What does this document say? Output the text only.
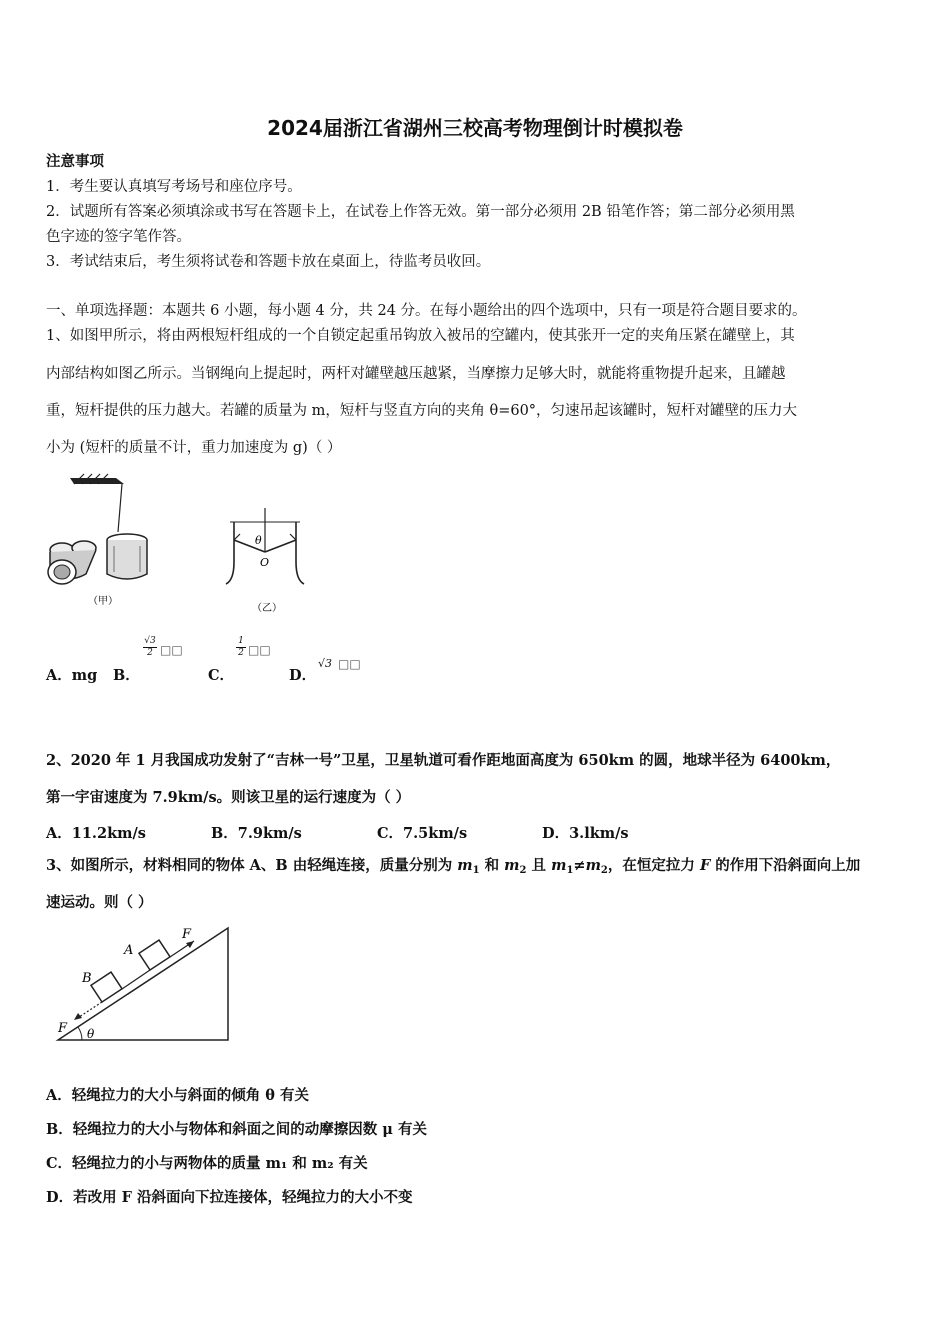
2024届浙江省湖州三校高考物理倒计时模拟卷
注意事项
1．考生要认真填写考场号和座位序号。
2．试题所有答案必须填涂或书写在答题卡上，在试卷上作答无效。第一部分必须用 2B 铅笔作答；第二部分必须用黑
色字迹的签字笔作答。
3．考试结束后，考生须将试卷和答题卡放在桌面上，待监考员收回。
一、单项选择题：本题共 6 小题，每小题 4 分，共 24 分。在每小题给出的四个选项中，只有一项是符合题目要求的。
1、如图甲所示，将由两根短杆组成的一个自锁定起重吊钩放入被吊的空罐内，使其张开一定的夹角压紧在罐壁上，其
内部结构如图乙所示。当钢绳向上提起时，两杆对罐壁越压越紧，当摩擦力足够大时，就能将重物提升起来，且罐越
重，短杆提供的压力越大。若罐的质量为 m，短杆与竖直方向的夹角 θ=60°，匀速吊起该罐时，短杆对罐壁的压力大
小为 (短杆的质量不计，重力加速度为 g)（ ）
（甲）
θ
O
（乙）
A．mg B．
$\frac{√3}{2}$ □□
C．
$\frac{1}{2}$ □□
D．
√3 □□
2、2020 年 1 月我国成功发射了“吉林一号”卫星，卫星轨道可看作距地面高度为 650km 的圆，地球半径为 6400km，
第一宇宙速度为 7.9km/s。则该卫星的运行速度为（ ）
A．11.2km/s	B．7.9km/s	C．7.5km/s	D．3.lkm/s
3、如图所示，材料相同的物体 A、B 由轻绳连接，质量分别为 $m_1$ 和 $m_2$ 且 $m_1\ne m_2$，在恒定拉力 F 的作用下沿斜面向上加
速运动。则（ ）
A
B
F
F θ
A．轻绳拉力的大小与斜面的倾角 θ 有关
B．轻绳拉力的大小与物体和斜面之间的动摩擦因数 μ 有关
C．轻绳拉力的小与两物体的质量 m₁ 和 m₂ 有关
D．若改用 F 沿斜面向下拉连接体，轻绳拉力的大小不变
